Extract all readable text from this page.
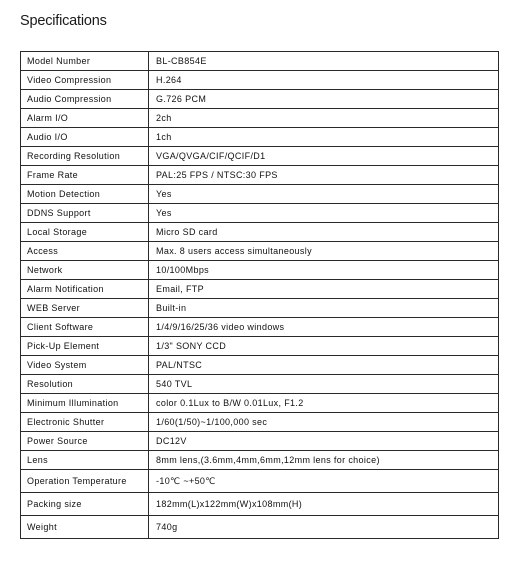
Specifications
Model Number	BL-CB854E
Video Compression	H.264
Audio Compression	G.726 PCM
Alarm I/O	2ch
Audio I/O	1ch
Recording Resolution	VGA/QVGA/CIF/QCIF/D1
Frame Rate	PAL:25 FPS / NTSC:30 FPS
Motion Detection	Yes
DDNS Support	Yes
Local Storage	Micro SD card
Access	Max. 8 users access simultaneously
Network	10/100Mbps
Alarm Notification	Email, FTP
WEB Server	Built-in
Client Software	1/4/9/16/25/36 video windows
Pick-Up Element	1/3" SONY CCD
Video System	PAL/NTSC
Resolution	540 TVL
Minimum Illumination	color 0.1Lux to B/W 0.01Lux, F1.2
Electronic Shutter	1/60(1/50)~1/100,000 sec
Power Source	DC12V
Lens	8mm lens,(3.6mm,4mm,6mm,12mm lens for choice)
Operation Temperature	-10℃ ~+50℃
Packing size	182mm(L)x122mm(W)x108mm(H)
Weight	740g
